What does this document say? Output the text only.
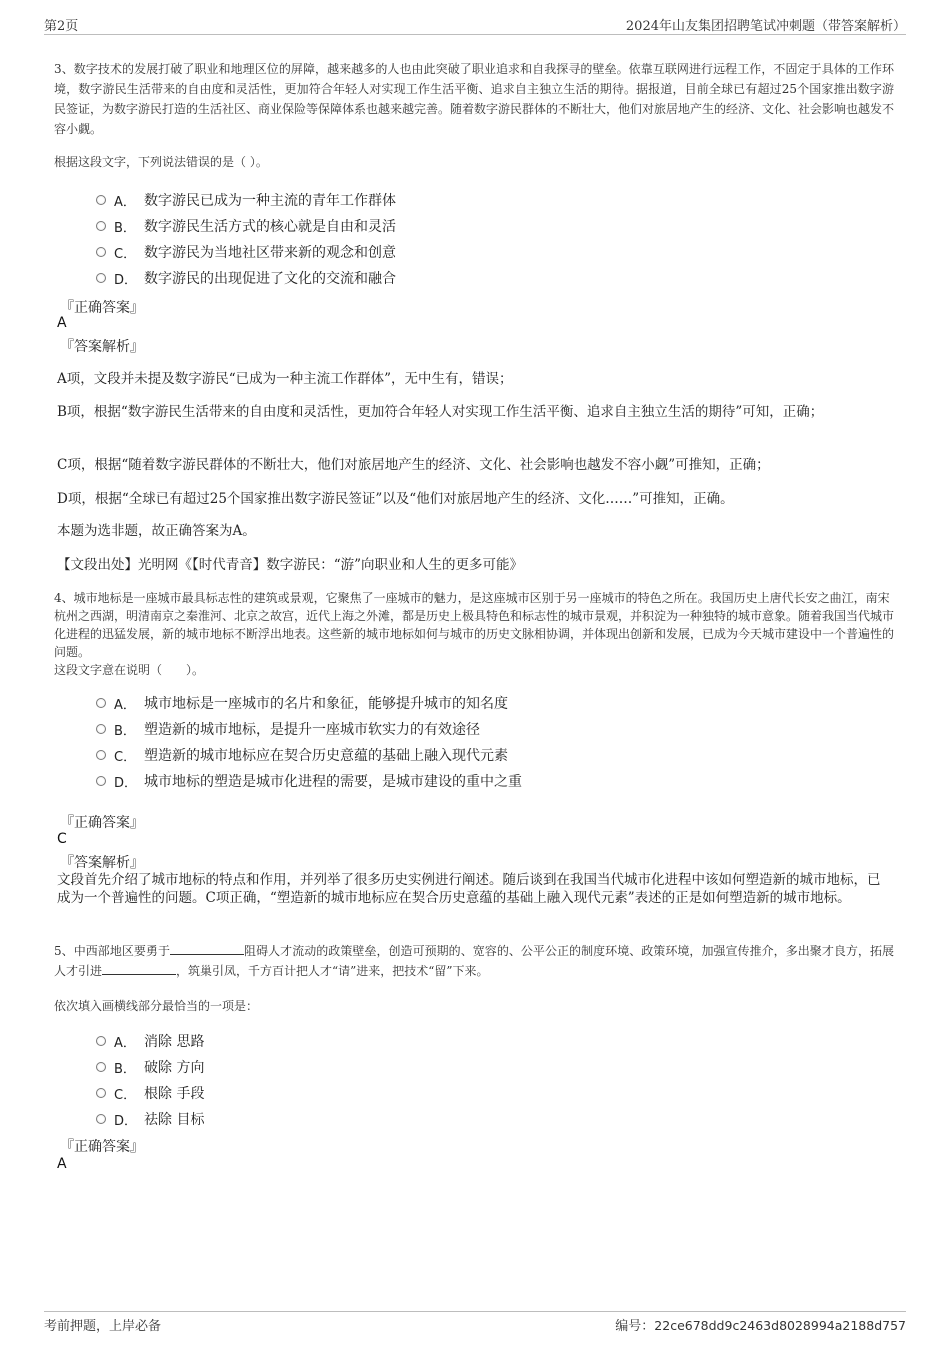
第2页	2024年山友集团招聘笔试冲刺题（带答案解析）

3、数字技术的发展打破了职业和地理区位的屏障，越来越多的人也由此突破了职业追求和自我探寻的壁垒。依靠互联网进行远程工作，不固定于具体的工作环境，数字游民生活带来的自由度和灵活性，更加符合年轻人对实现工作生活平衡、追求自主独立生活的期待。据报道，目前全球已有超过25个国家推出数字游民签证，为数字游民打造的生活社区、商业保险等保障体系也越来越完善。随着数字游民群体的不断壮大，他们对旅居地产生的经济、文化、社会影响也越发不容小觑。

根据这段文字，下列说法错误的是（ ）。

A． 数字游民已成为一种主流的青年工作群体
B． 数字游民生活方式的核心就是自由和灵活
C． 数字游民为当地社区带来新的观念和创意
D． 数字游民的出现促进了文化的交流和融合
『正确答案』
A
『答案解析』

A项，文段并未提及数字游民“已成为一种主流工作群体”，无中生有，错误；

B项，根据“数字游民生活带来的自由度和灵活性，更加符合年轻人对实现工作生活平衡、追求自主独立生活的期待”可知，正确；

C项，根据“随着数字游民群体的不断壮大，他们对旅居地产生的经济、文化、社会影响也越发不容小觑”可推知，正确；

D项，根据“全球已有超过25个国家推出数字游民签证”以及“他们对旅居地产生的经济、文化……”可推知，正确。

本题为选非题，故正确答案为A。

【文段出处】光明网《【时代青音】数字游民：“游”向职业和人生的更多可能》

4、城市地标是一座城市最具标志性的建筑或景观，它聚焦了一座城市的魅力，是这座城市区别于另一座城市的特色之所在。我国历史上唐代长安之曲江，南宋杭州之西湖，明清南京之秦淮河、北京之故宫，近代上海之外滩，都是历史上极具特色和标志性的城市景观，并积淀为一种独特的城市意象。随着我国当代城市化进程的迅猛发展，新的城市地标不断浮出地表。这些新的城市地标如何与城市的历史文脉相协调，并体现出创新和发展，已成为今天城市建设中一个普遍性的问题。

这段文字意在说明（　　）。

A． 城市地标是一座城市的名片和象征，能够提升城市的知名度
B． 塑造新的城市地标，是提升一座城市软实力的有效途径
C． 塑造新的城市地标应在契合历史意蕴的基础上融入现代元素
D． 城市地标的塑造是城市化进程的需要，是城市建设的重中之重
『正确答案』
C
『答案解析』

文段首先介绍了城市地标的特点和作用，并列举了很多历史实例进行阐述。随后谈到在我国当代城市化进程中该如何塑造新的城市地标，已成为一个普遍性的问题。C项正确，“塑造新的城市地标应在契合历史意蕴的基础上融入现代元素”表述的正是如何塑造新的城市地标。

5、中西部地区要勇于	阻碍人才流动的政策壁垒，创造可预期的、宽容的、公平公正的制度环境、政策环境，加强宣传推介，多出聚才良方，拓展人才引进	，筑巢引凤，千方百计把人才“请”进来，把技术“留”下来。

依次填入画横线部分最恰当的一项是：

A． 消除 思路
B． 破除 方向
C． 根除 手段
D． 祛除 目标
『正确答案』
A
考前押题，上岸必备	编号：22ce678dd9c2463d8028994a2188d757
